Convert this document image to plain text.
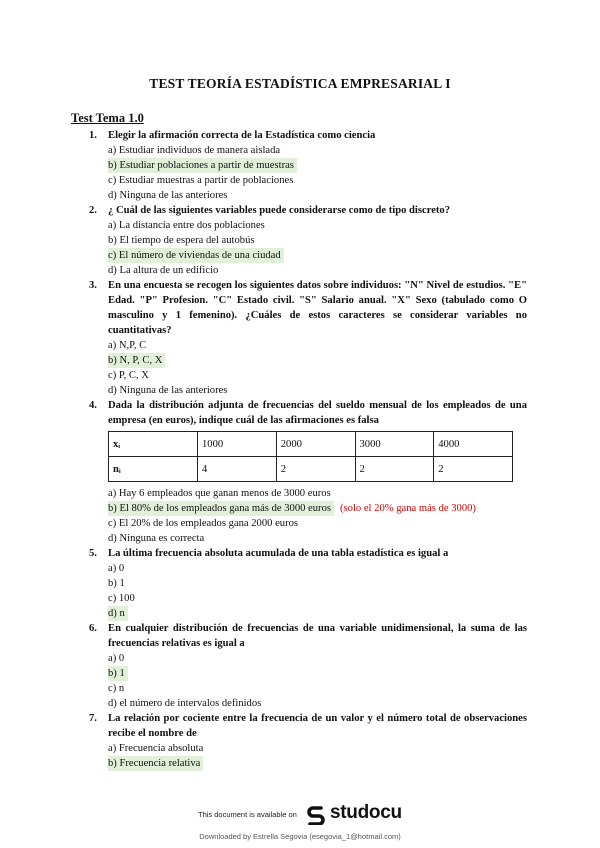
TEST TEORÍA ESTADÍSTICA EMPRESARIAL I
Test Tema 1.0
1. Elegir la afirmación correcta de la Estadística como ciencia
a) Estudiar individuos de manera aislada
b) Estudiar poblaciones a partir de muestras
c) Estudiar muestras a partir de poblaciones
d) Ninguna de las anteriores
2. ¿ Cuál de las siguientes variables puede considerarse como de tipo discreto?
a) La distancia entre dos poblaciones
b) El tiempo de espera del autobús
c) El número de viviendas de una ciudad
d) La altura de un edificio
3. En una encuesta se recogen los siguientes datos sobre individuos: "N" Nivel de estudios. "E" Edad. "P" Profesion. "C" Estado civil. "S" Salario anual. "X" Sexo (tabulado como O masculino y 1 femenino). ¿Cuáles de estos caracteres se considerar variables no cuantitativas?
a) N,P, C
b) N, P, C, X
c) P, C, X
d) Ninguna de las anteriores
4. Dada la distribución adjunta de frecuencias del sueldo mensual de los empleados de una empresa (en euros), indique cuál de las afirmaciones es falsa
xᵢ	1000	2000	3000	4000
nᵢ	4	2	2	2
a) Hay 6 empleados que ganan menos de 3000 euros
b) El 80% de los empleados gana más de 3000 euros (solo el 20% gana más de 3000)
c) El 20% de los empleados gana 2000 euros
d) Ninguna es correcta
5. La última frecuencia absoluta acumulada de una tabla estadística es igual a
a) 0
b) 1
c) 100
d) n
6. En cualquier distribución de frecuencias de una variable unidimensional, la suma de las frecuencias relativas es igual a
a) 0
b) 1
c) n
d) el número de intervalos definidos
7. La relación por cociente entre la frecuencia de un valor y el número total de observaciones recibe el nombre de
a) Frecuencia absoluta
b) Frecuencia relativa
This document is available on studocu
Downloaded by Estrella Segovia (esegovia_1@hotmail.com)
